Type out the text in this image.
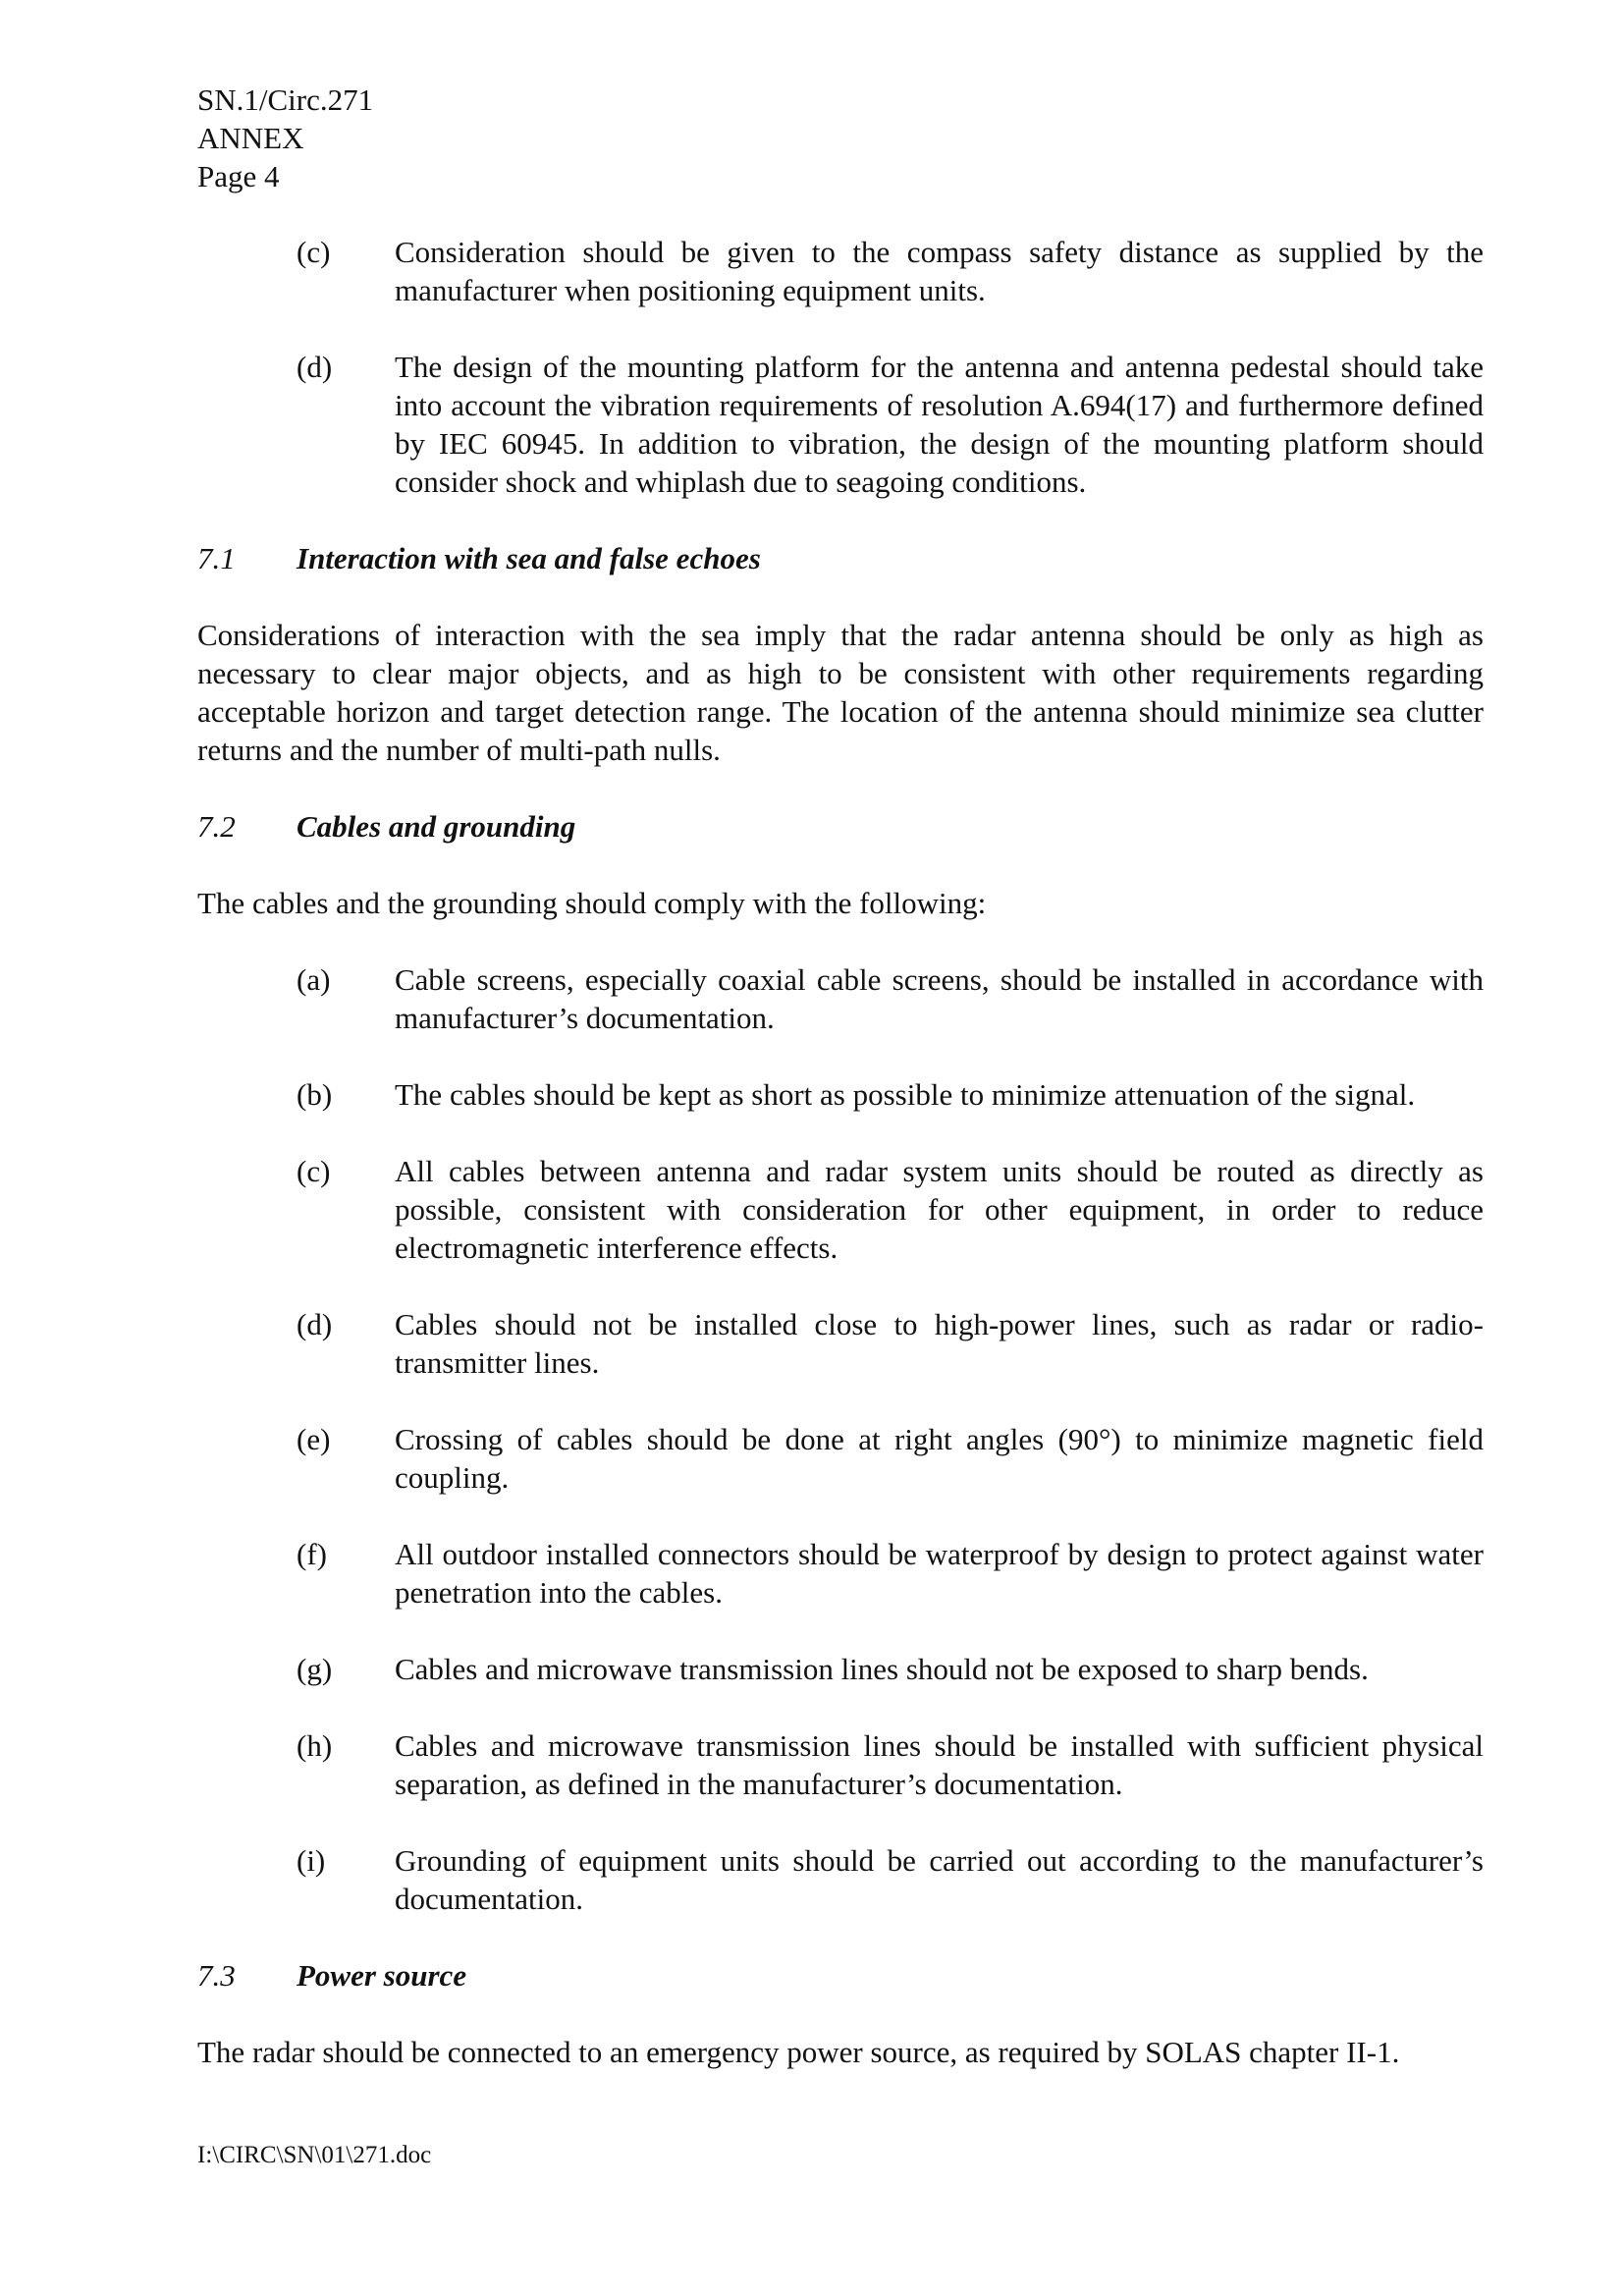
SN.1/Circ.271
ANNEX
Page 4
(c) Consideration should be given to the compass safety distance as supplied by the manufacturer when positioning equipment units.
(d) The design of the mounting platform for the antenna and antenna pedestal should take into account the vibration requirements of resolution A.694(17) and furthermore defined by IEC 60945. In addition to vibration, the design of the mounting platform should consider shock and whiplash due to seagoing conditions.
7.1 Interaction with sea and false echoes
Considerations of interaction with the sea imply that the radar antenna should be only as high as necessary to clear major objects, and as high to be consistent with other requirements regarding acceptable horizon and target detection range. The location of the antenna should minimize sea clutter returns and the number of multi-path nulls.
7.2 Cables and grounding
The cables and the grounding should comply with the following:
(a) Cable screens, especially coaxial cable screens, should be installed in accordance with manufacturer’s documentation.
(b) The cables should be kept as short as possible to minimize attenuation of the signal.
(c) All cables between antenna and radar system units should be routed as directly as possible, consistent with consideration for other equipment, in order to reduce electromagnetic interference effects.
(d) Cables should not be installed close to high-power lines, such as radar or radio-transmitter lines.
(e) Crossing of cables should be done at right angles (90°) to minimize magnetic field coupling.
(f) All outdoor installed connectors should be waterproof by design to protect against water penetration into the cables.
(g) Cables and microwave transmission lines should not be exposed to sharp bends.
(h) Cables and microwave transmission lines should be installed with sufficient physical separation, as defined in the manufacturer’s documentation.
(i) Grounding of equipment units should be carried out according to the manufacturer’s documentation.
7.3 Power source
The radar should be connected to an emergency power source, as required by SOLAS chapter II-1.
I:\CIRC\SN\01\271.doc
